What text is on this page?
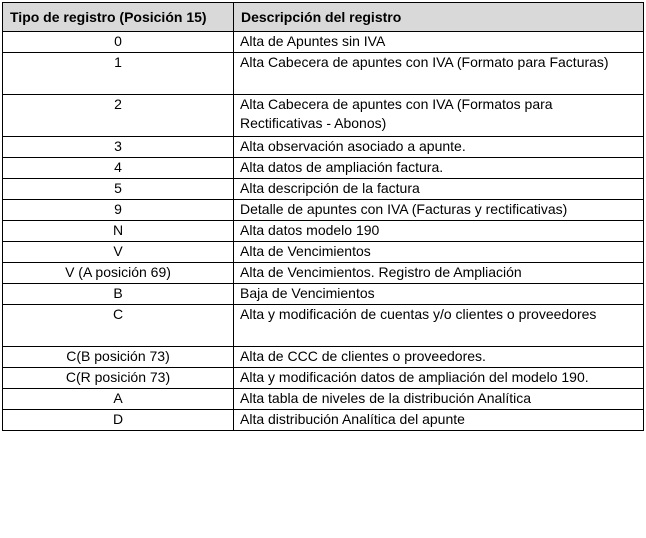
Tipo de registro (Posición 15)	Descripción del registro
0	Alta de Apuntes sin IVA
1	Alta Cabecera de apuntes con IVA (Formato para Facturas)
2	Alta Cabecera de apuntes con IVA (Formatos para Rectificativas - Abonos)
3	Alta observación asociado a apunte.
4	Alta datos de ampliación factura.
5	Alta descripción de la factura
9	Detalle de apuntes con IVA (Facturas y rectificativas)
N	Alta datos modelo 190
V	Alta de Vencimientos
V (A posición 69)	Alta de Vencimientos. Registro de Ampliación
B	Baja de Vencimientos
C	Alta y modificación de cuentas y/o clientes o proveedores
C(B posición 73)	Alta de CCC de clientes o proveedores.
C(R posición 73)	Alta y modificación datos de ampliación del modelo 190.
A	Alta tabla de niveles de la distribución Analítica
D	Alta distribución Analítica del apunte
